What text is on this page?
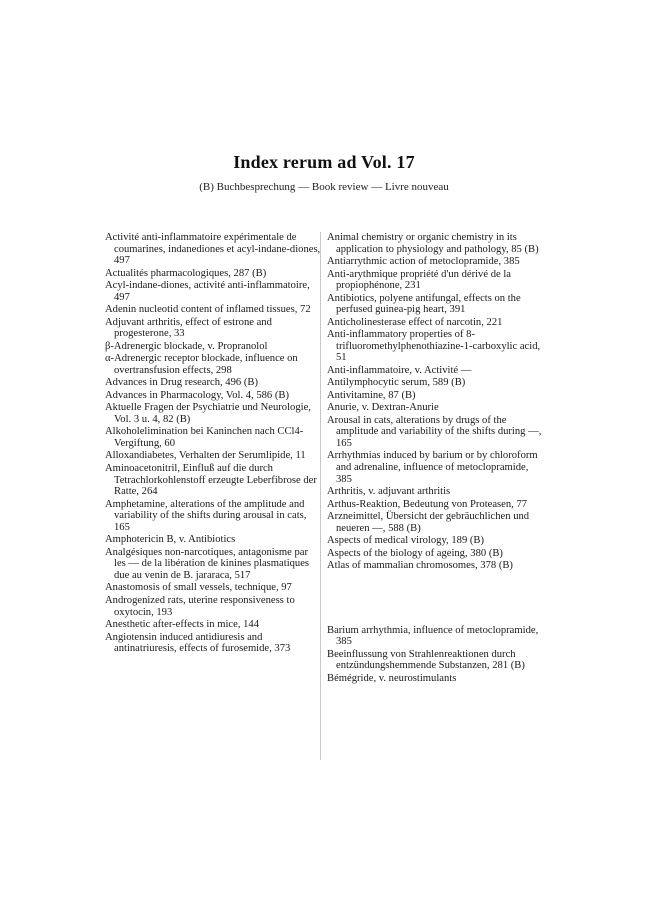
Index rerum ad Vol. 17
(B) Buchbesprechung — Book review — Livre nouveau
Activité anti-inflammatoire expérimentale de coumarines, indanediones et acyl-indane-diones, 497
Actualités pharmacologiques, 287 (B)
Acyl-indane-diones, activité anti-inflammatoire, 497
Adenin nucleotid content of inflamed tissues, 72
Adjuvant arthritis, effect of estrone and progesterone, 33
β-Adrenergic blockade, v. Propranolol
α-Adrenergic receptor blockade, influence on overtransfusion effects, 298
Advances in Drug research, 496 (B)
Advances in Pharmacology, Vol. 4, 586 (B)
Aktuelle Fragen der Psychiatrie und Neurologie, Vol. 3 u. 4, 82 (B)
Alkoholelimination bei Kaninchen nach CCl4-Vergiftung, 60
Alloxandiabetes, Verhalten der Serumlipide, 11
Aminoacetonitril, Einfluß auf die durch Tetrachlorkohlenstoff erzeugte Leberfibrose der Ratte, 264
Amphetamine, alterations of the amplitude and variability of the shifts during arousal in cats, 165
Amphotericin B, v. Antibiotics
Analgésiques non-narcotiques, antagonisme par les — de la libération de kinines plasmatiques due au venin de B. jararaca, 517
Anastomosis of small vessels, technique, 97
Androgenized rats, uterine responsiveness to oxytocin, 193
Anesthetic after-effects in mice, 144
Angiotensin induced antidiuresis and antinatriuresis, effects of furosemide, 373
Animal chemistry or organic chemistry in its application to physiology and pathology, 85 (B)
Antiarrythmic action of metoclopramide, 385
Anti-arythmique propriété d'un dérivé de la propiophénone, 231
Antibiotics, polyene antifungal, effects on the perfused guinea-pig heart, 391
Anticholinesterase effect of narcotin, 221
Anti-inflammatory properties of 8-trifluoromethylphenothiazine-1-carboxylic acid, 51
Anti-inflammatoire, v. Activité —
Antilymphocytic serum, 589 (B)
Antivitamine, 87 (B)
Anurie, v. Dextran-Anurie
Arousal in cats, alterations by drugs of the amplitude and variability of the shifts during —, 165
Arrhythmias induced by barium or by chloroform and adrenaline, influence of metoclopramide, 385
Arthritis, v. adjuvant arthritis
Arthus-Reaktion, Bedeutung von Proteasen, 77
Arzneimittel, Übersicht der gebräuchlichen und neueren —, 588 (B)
Aspects of medical virology, 189 (B)
Aspects of the biology of ageing, 380 (B)
Atlas of mammalian chromosomes, 378 (B)
Barium arrhythmia, influence of metoclopramide, 385
Beeinflussung von Strahlenreaktionen durch entzündungshemmende Substanzen, 281 (B)
Bémégride, v. neurostimulants
